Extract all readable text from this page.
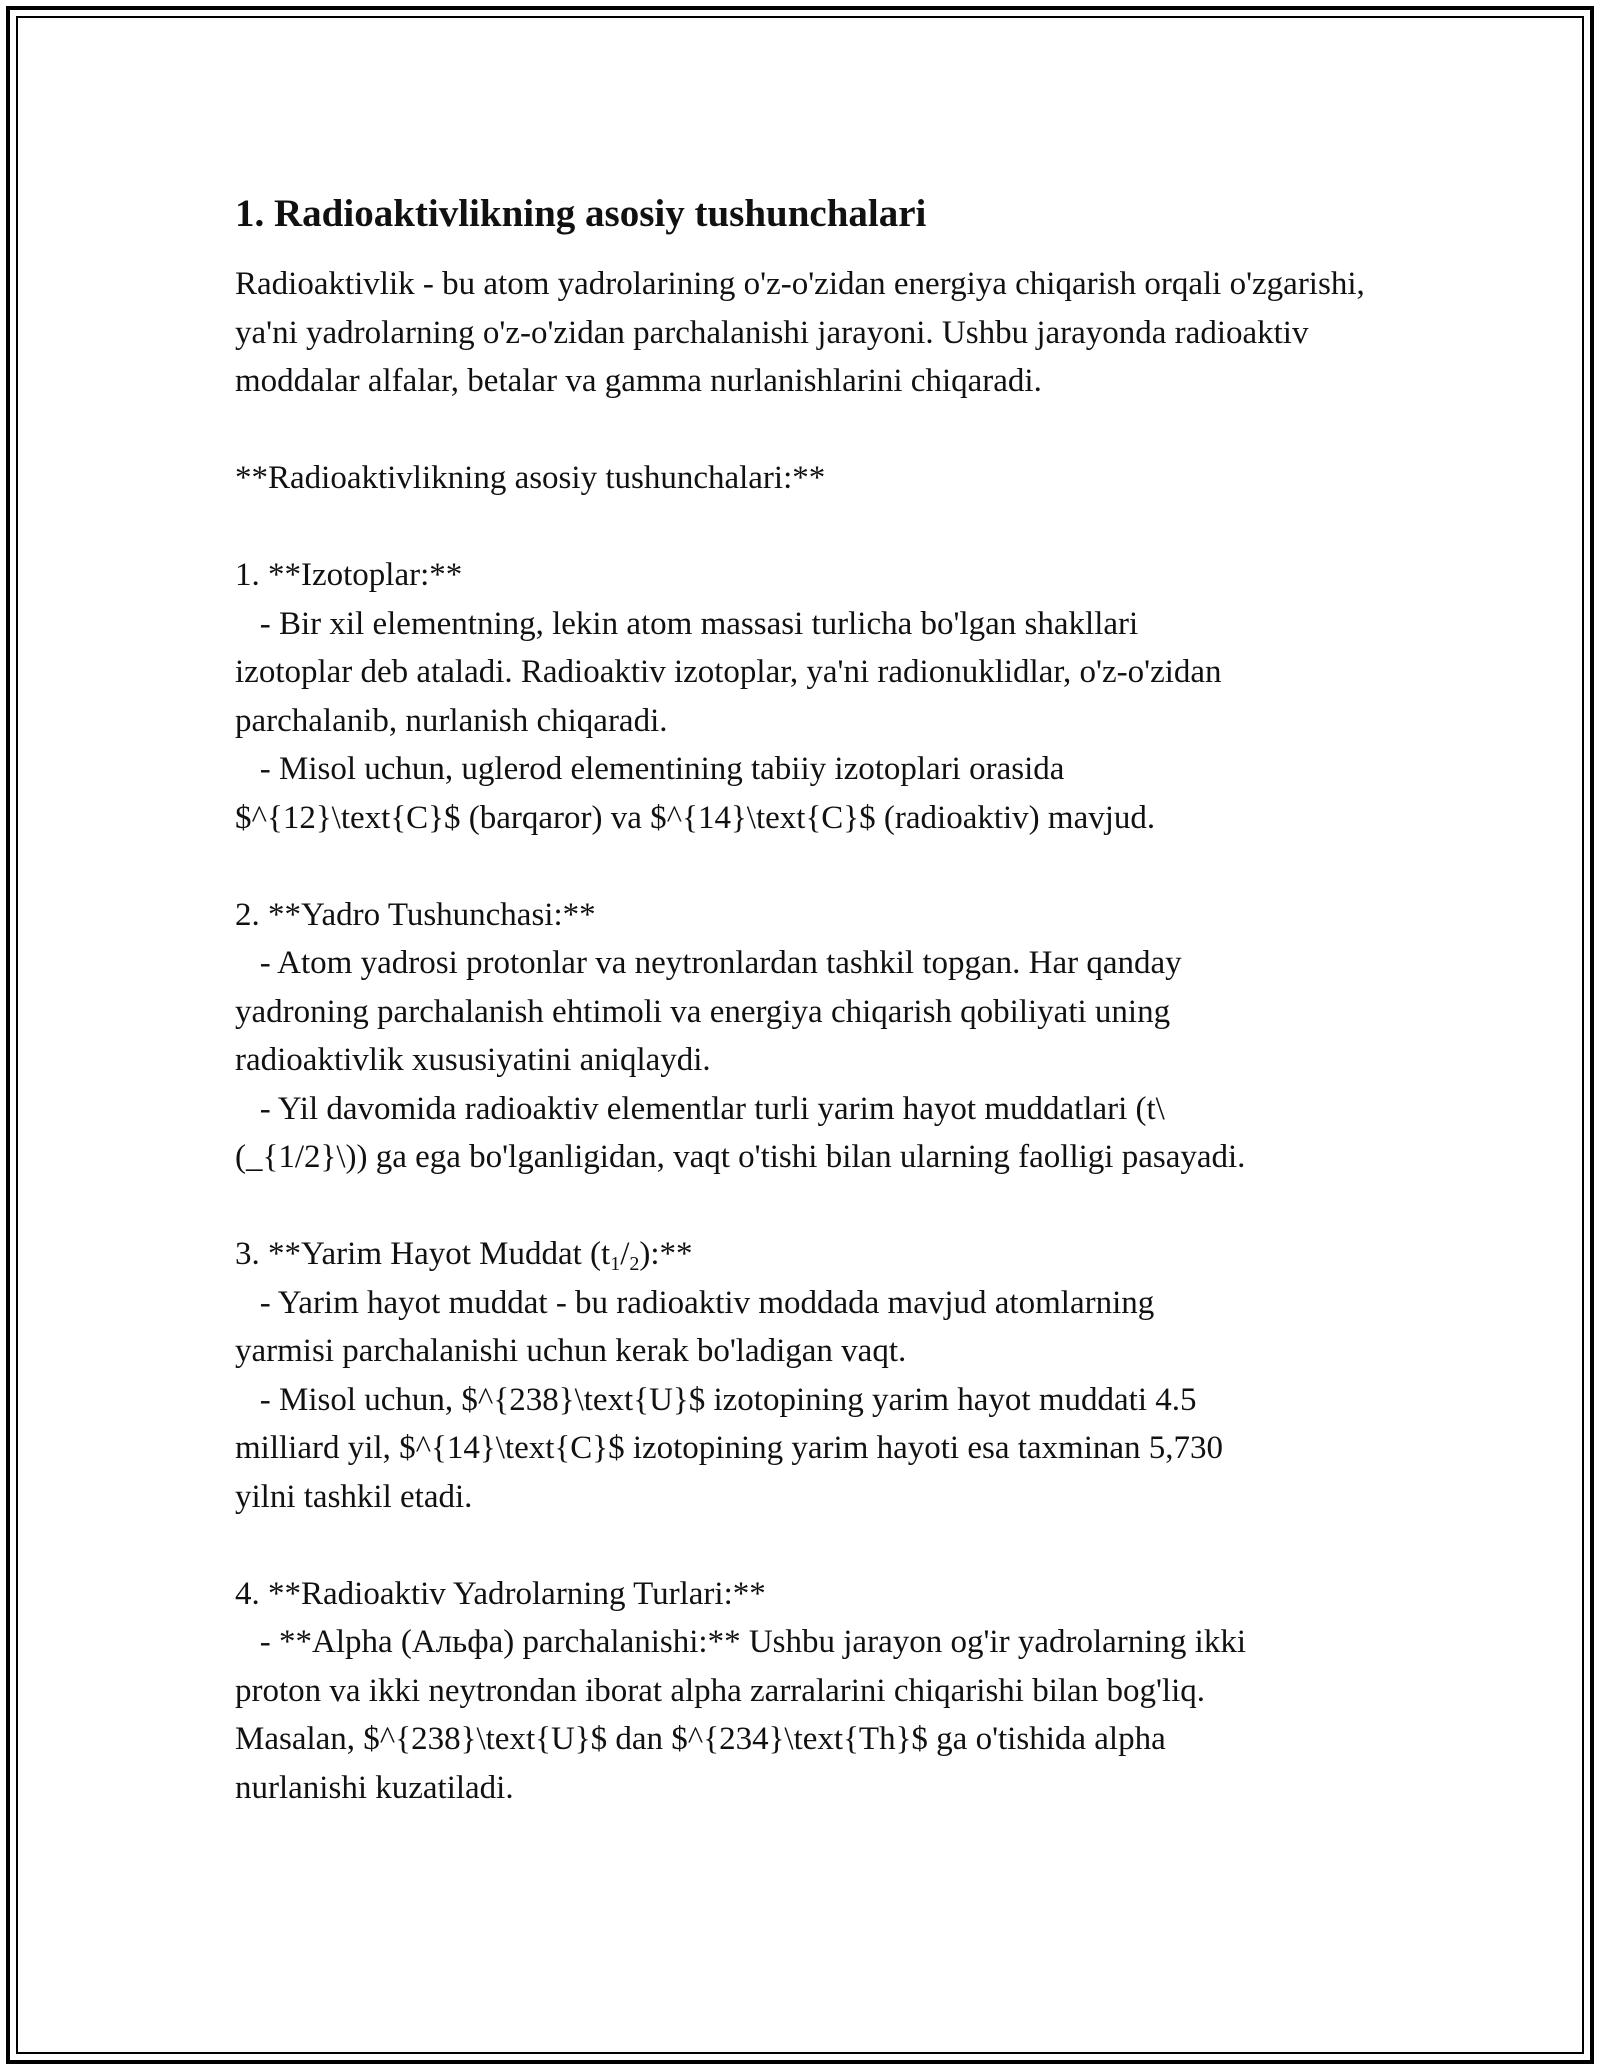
1. Radioaktivlikning asosiy tushunchalari

Radioaktivlik - bu atom yadrolarining o'z-o'zidan energiya chiqarish orqali o'zgarishi, ya'ni yadrolarning o'z-o'zidan parchalanishi jarayoni. Ushbu jarayonda radioaktiv moddalar alfalar, betalar va gamma nurlanishlarini chiqaradi.

**Radioaktivlikning asosiy tushunchalari:**

1. **Izotoplar:**
- Bir xil elementning, lekin atom massasi turlicha bo'lgan shakllari
izotoplar deb ataladi. Radioaktiv izotoplar, ya'ni radionuklidlar, o'z-o'zidan
parchalanib, nurlanish chiqaradi.
- Misol uchun, uglerod elementining tabiiy izotoplari orasida
$^{12}\text{C}$ (barqaror) va $^{14}\text{C}$ (radioaktiv) mavjud.
2. **Yadro Tushunchasi:**
- Atom yadrosi protonlar va neytronlardan tashkil topgan. Har qanday
yadroning parchalanish ehtimoli va energiya chiqarish qobiliyati uning
radioaktivlik xususiyatini aniqlaydi.
- Yil davomida radioaktiv elementlar turli yarim hayot muddatlari (t\
(_{1/2}\)) ga ega bo'lganligidan, vaqt o'tishi bilan ularning faolligi pasayadi.
3. **Yarim Hayot Muddat $(t_1/_2):**$
- Yarim hayot muddat - bu radioaktiv moddada mavjud atomlarning
yarmisi parchalanishi uchun kerak bo'ladigan vaqt.
- Misol uchun, $^{238}\text{U}$ izotopining yarim hayot muddati 4.5
milliard yil, $^{14}\text{C}$ izotopining yarim hayoti esa taxminan 5,730
yilni tashkil etadi.
4. **Radioaktiv Yadrolarning Turlari:**
- **Alpha (Альфа) parchalanishi:** Ushbu jarayon og'ir yadrolarning ikki
proton va ikki neytrondan iborat alpha zarralarini chiqarishi bilan bog'liq.
Masalan, $^{238}\text{U}$ dan $^{234}\text{Th}$ ga o'tishida alpha
nurlanishi kuzatiladi.
